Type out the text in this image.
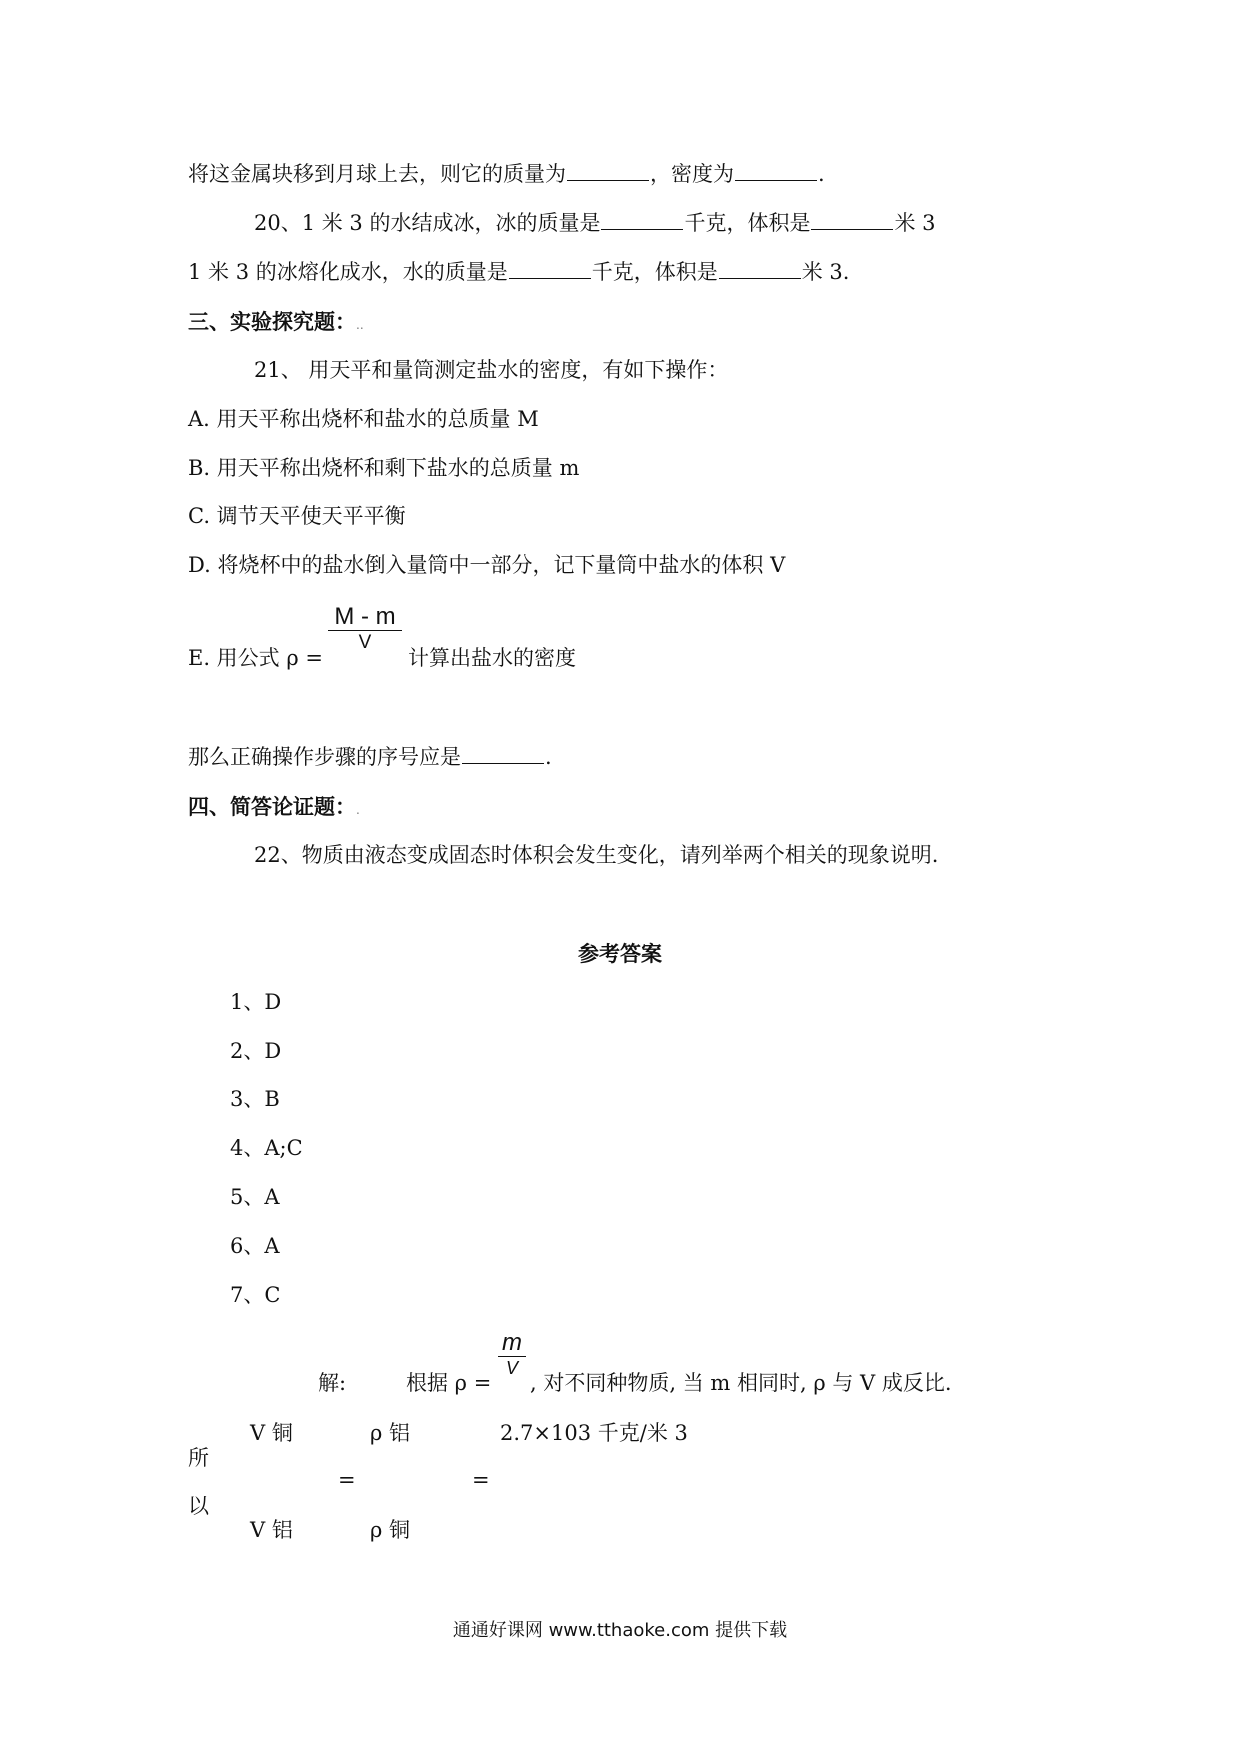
将这金属块移到月球上去，则它的质量为	，密度为	.
20、1 米 3 的水结成冰，冰的质量是	千克，体积是	米 3
1 米 3 的冰熔化成水，水的质量是	千克，体积是	米 3.
三、实验探究题：..
21、 用天平和量筒测定盐水的密度，有如下操作：
A. 用天平称出烧杯和盐水的总质量 M
B. 用天平称出烧杯和剩下盐水的总质量 m
C. 调节天平使天平平衡
D. 将烧杯中的盐水倒入量筒中一部分，记下量筒中盐水的体积 V
E. 用公式 ρ =
M - m
V
计算出盐水的密度
那么正确操作步骤的序号应是	.
四、简答论证题：.
22、物质由液态变成固态时体积会发生变化，请列举两个相关的现象说明.
参考答案
1、D
2、D
3、B
4、A;C
5、A
6、A
7、C
解:	根据 ρ =
m
V
, 对不同种物质, 当 m 相同时, ρ 与 V 成反比.
V 铜	ρ 铝	2.7×103 千克/米 3
所
=	=
以
V 铝	ρ 铜
通通好课网 www.tthaoke.com 提供下载
